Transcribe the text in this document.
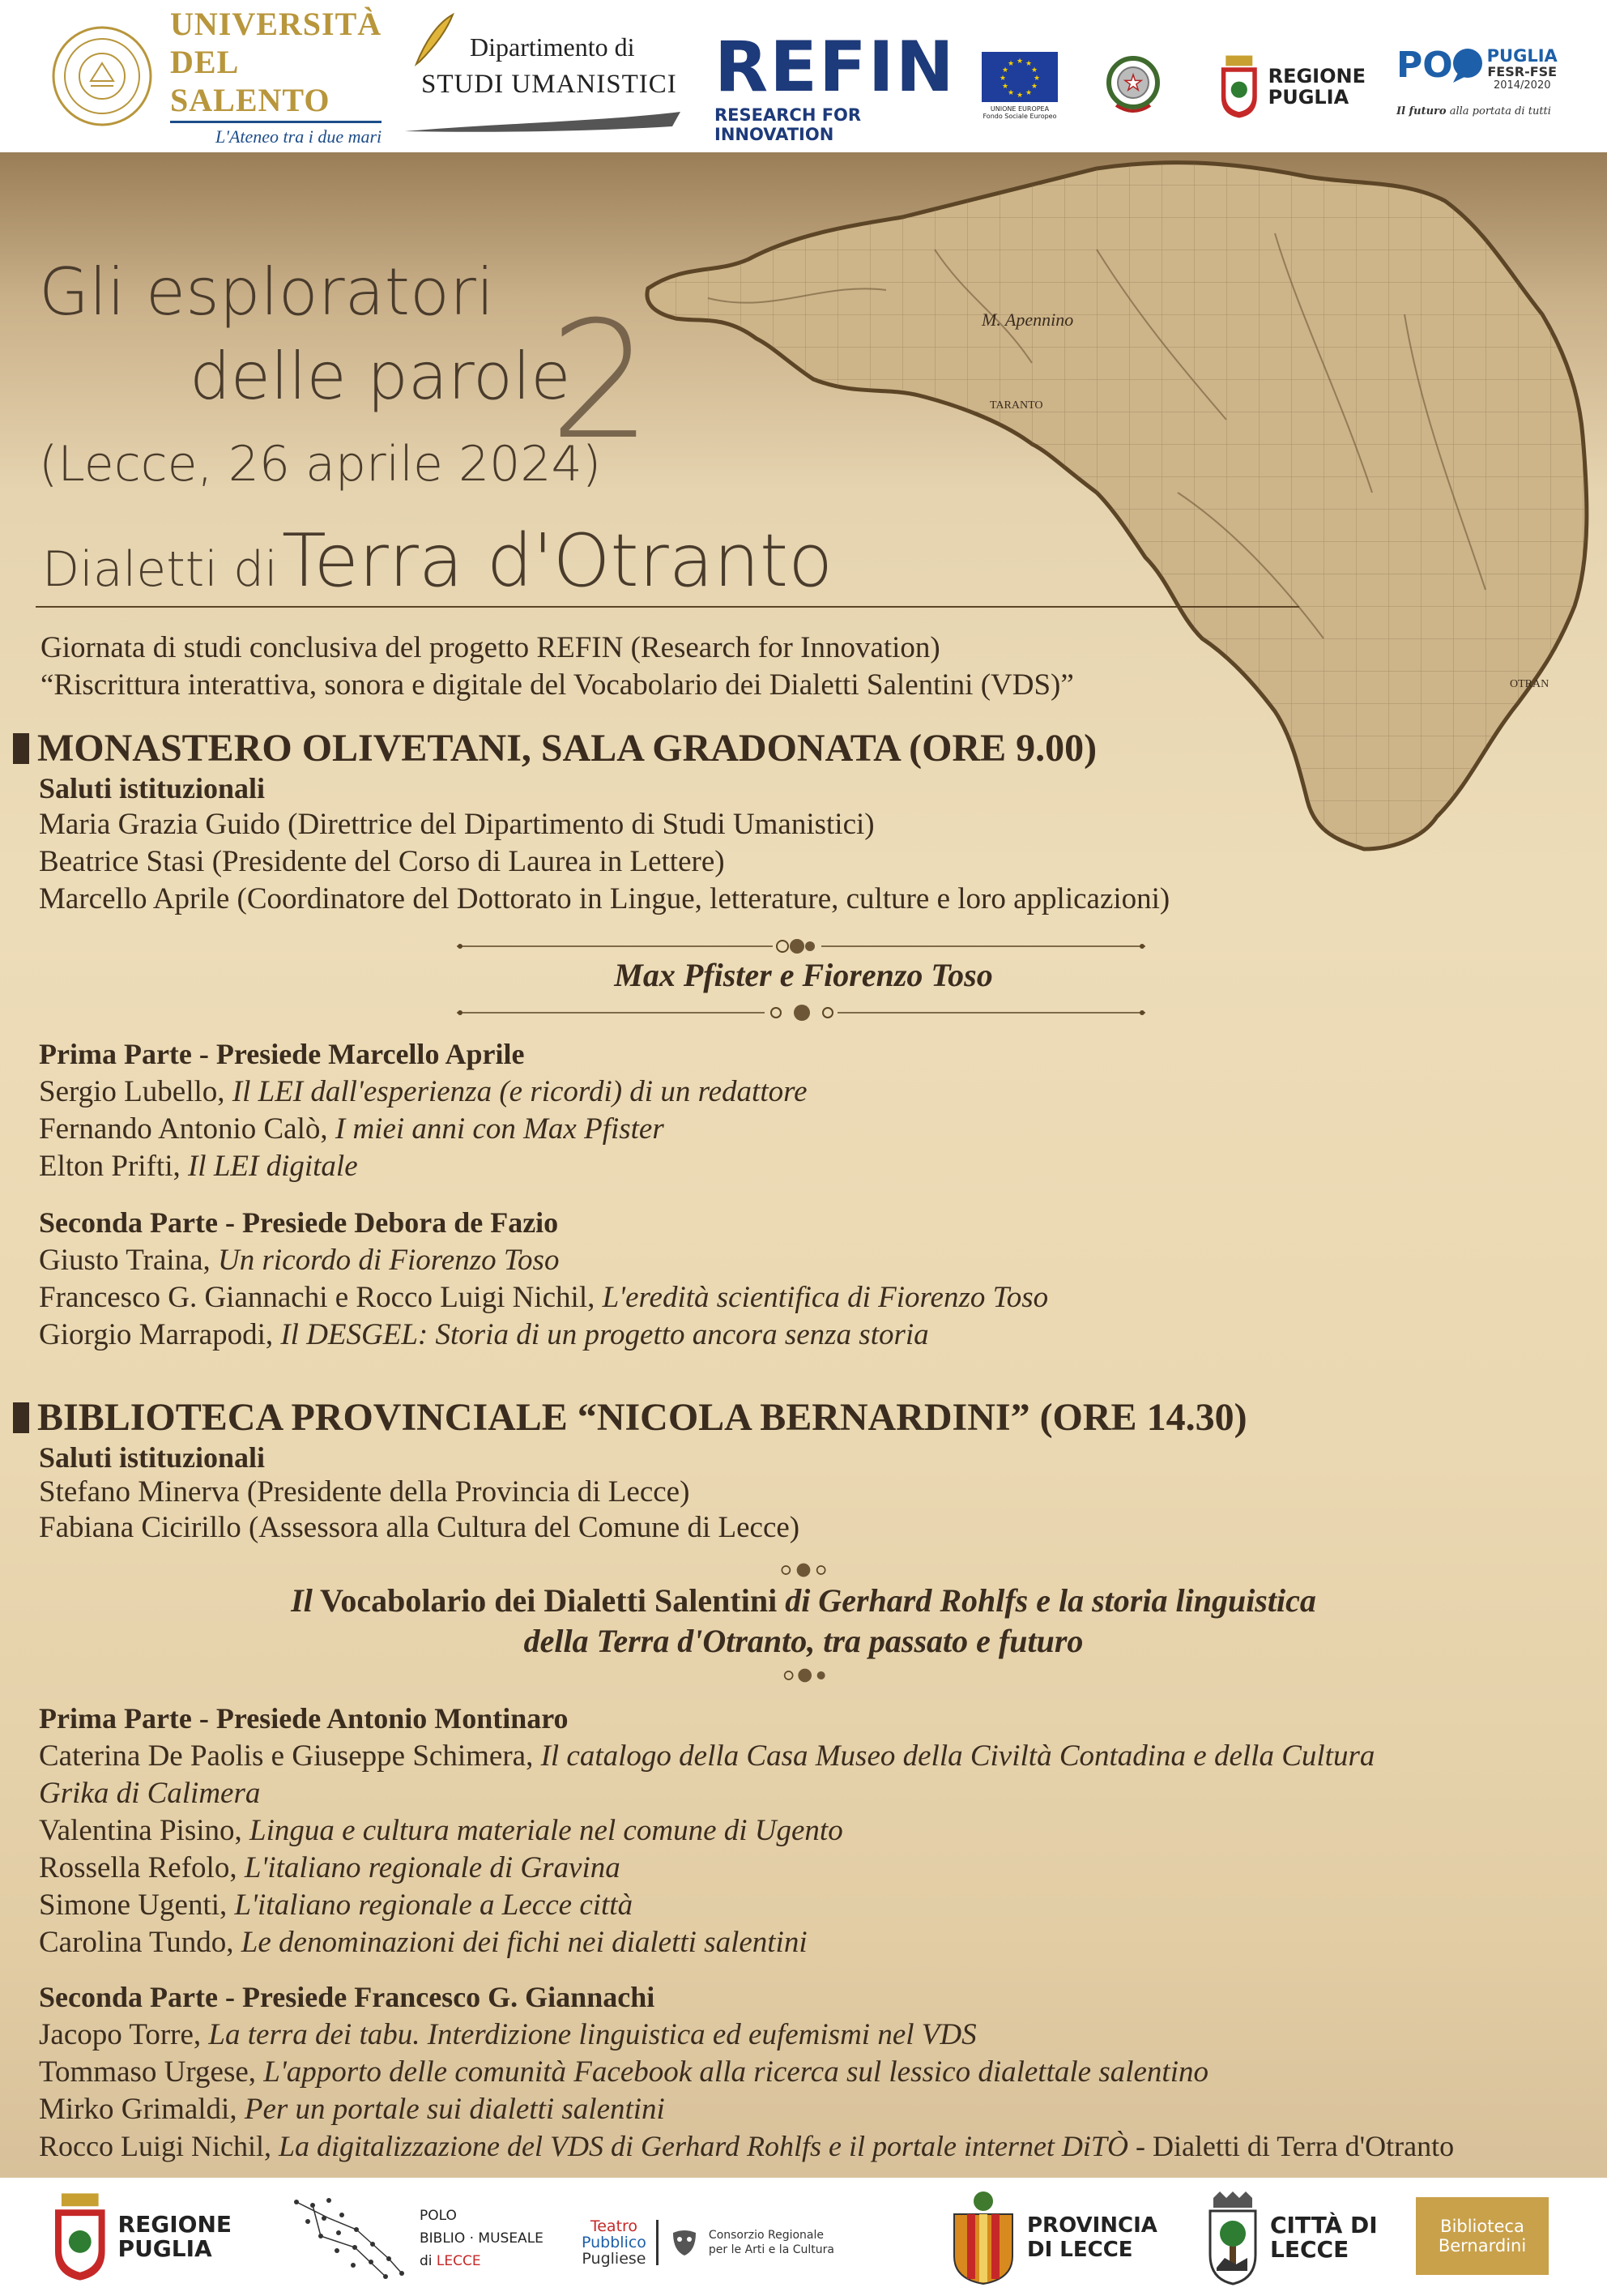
UNIVERSITÀ
DEL SALENTO
L'Ateneo tra i due mari
Dipartimento di
STUDI UMANISTICI REFIN
RESEARCH FOR INNOVATION
★ ★
★
★
★
★
★
★
★
★
★
★
UNIONE EUROPEA
Fondo Sociale Europeo
★	REGIONE
PUGLIA
PO PUGLIA
FESR-FSE
2014/2020
Il futuro alla portata di tutti
M. Apennino
TARANTO
OTRAN
Gli esploratori
delle parole
2
(Lecce, 26 aprile 2024)
Dialetti di Terra d'Otranto
Giornata di studi conclusiva del progetto REFIN (Research for Innovation)
“Riscrittura interattiva, sonora e digitale del Vocabolario dei Dialetti Salentini (VDS)”
MONASTERO OLIVETANI, SALA GRADONATA (ORE 9.00)
Saluti istituzionali
Maria Grazia Guido (Direttrice del Dipartimento di Studi Umanistici)
Beatrice Stasi (Presidente del Corso di Laurea in Lettere)
Marcello Aprile (Coordinatore del Dottorato in Lingue, letterature, culture e loro applicazioni)
Max Pfister e Fiorenzo Toso
Prima Parte - Presiede Marcello Aprile
Sergio Lubello, Il LEI dall'esperienza (e ricordi) di un redattore
Fernando Antonio Calò, I miei anni con Max Pfister
Elton Prifti, Il LEI digitale
Seconda Parte - Presiede Debora de Fazio
Giusto Traina, Un ricordo di Fiorenzo Toso
Francesco G. Giannachi e Rocco Luigi Nichil, L'eredità scientifica di Fiorenzo Toso
Giorgio Marrapodi, Il DESGEL: Storia di un progetto ancora senza storia
BIBLIOTECA PROVINCIALE “NICOLA BERNARDINI” (ORE 14.30)
Saluti istituzionali
Stefano Minerva (Presidente della Provincia di Lecce)
Fabiana Cicirillo (Assessora alla Cultura del Comune di Lecce)
Il Vocabolario dei Dialetti Salentini di Gerhard Rohlfs e la storia linguistica
della Terra d'Otranto, tra passato e futuro
Prima Parte - Presiede Antonio Montinaro
Caterina De Paolis e Giuseppe Schimera, Il catalogo della Casa Museo della Civiltà Contadina e della Cultura
Grika di Calimera
Valentina Pisino, Lingua e cultura materiale nel comune di Ugento
Rossella Refolo, L'italiano regionale di Gravina
Simone Ugenti, L'italiano regionale a Lecce città
Carolina Tundo, Le denominazioni dei fichi nei dialetti salentini
Seconda Parte - Presiede Francesco G. Giannachi
Jacopo Torre, La terra dei tabu. Interdizione linguistica ed eufemismi nel VDS
Tommaso Urgese, L'apporto delle comunità Facebook alla ricerca sul lessico dialettale salentino
Mirko Grimaldi, Per un portale sui dialetti salentini
Rocco Luigi Nichil, La digitalizzazione del VDS di Gerhard Rohlfs e il portale internet DiTÒ - Dialetti di Terra d'Otranto
REGIONE
PUGLIA
POLO
BIBLIO · MUSEALE
di LECCE
Teatro
Pubblico
Pugliese
Consorzio Regionale
per le Arti e la Cultura
PROVINCIA
DI LECCE
CITTÀ DI
LECCE
Biblioteca
Bernardini
